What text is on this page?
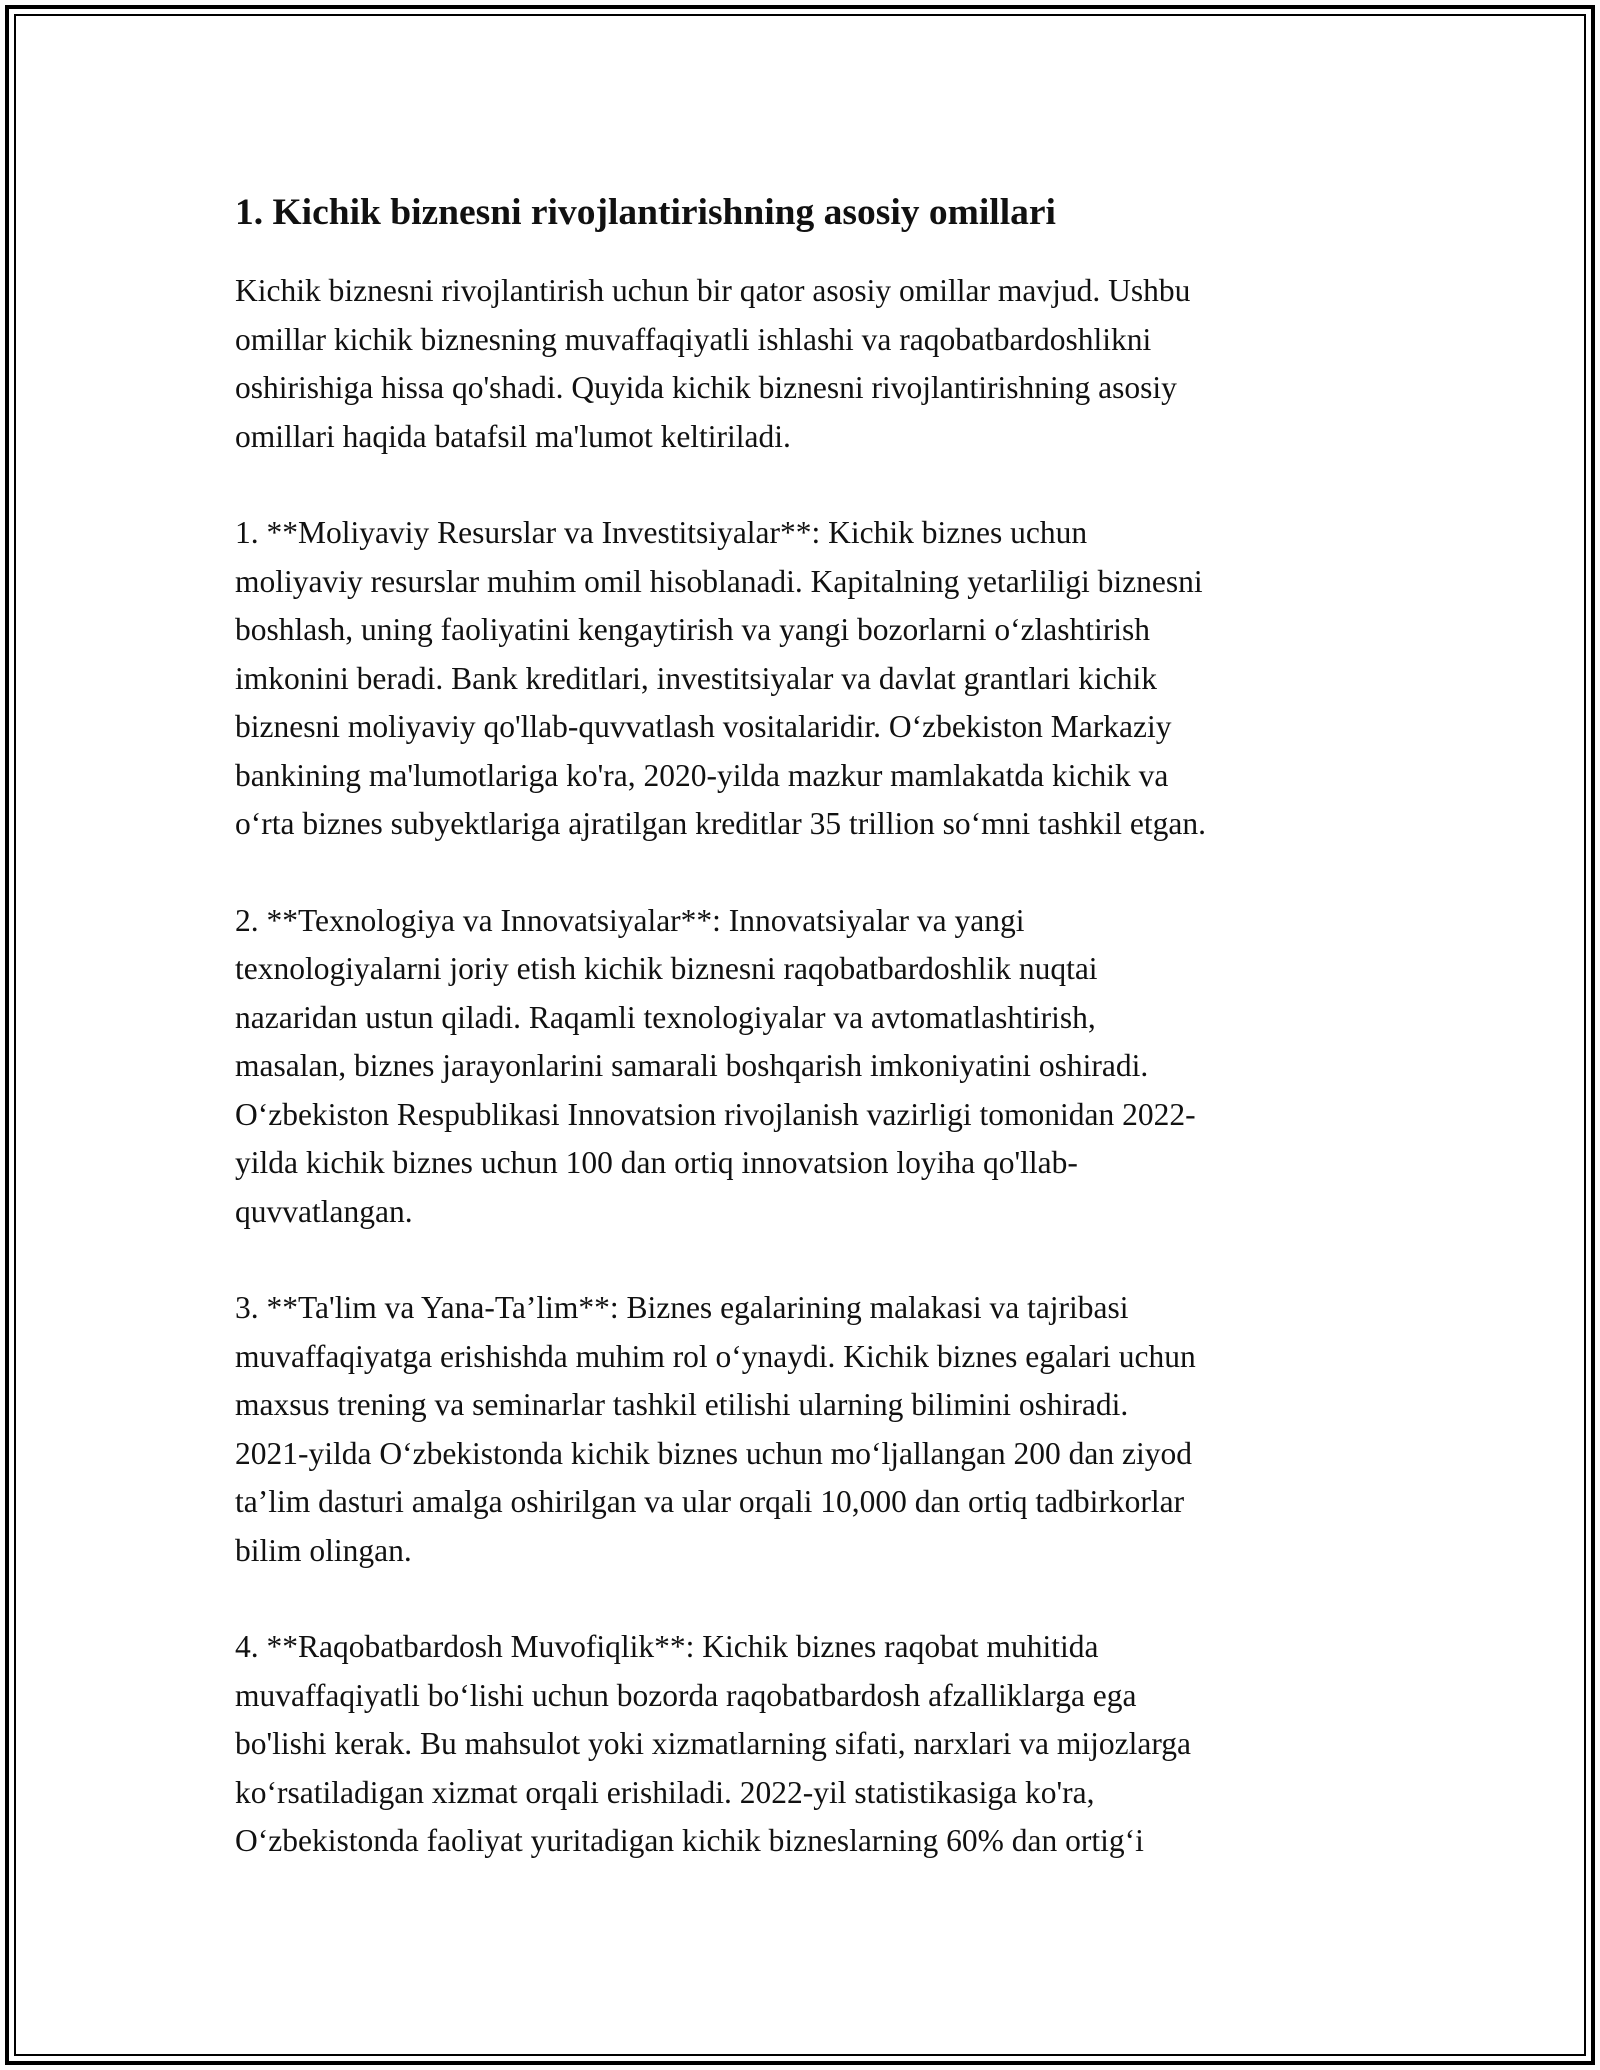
1. Kichik biznesni rivojlantirishning asosiy omillari

Kichik biznesni rivojlantirish uchun bir qator asosiy omillar mavjud. Ushbu
omillar kichik biznesning muvaffaqiyatli ishlashi va raqobatbardoshlikni
oshirishiga hissa qo'shadi. Quyida kichik biznesni rivojlantirishning asosiy
omillari haqida batafsil ma'lumot keltiriladi.

1. **Moliyaviy Resurslar va Investitsiyalar**: Kichik biznes uchun
moliyaviy resurslar muhim omil hisoblanadi. Kapitalning yetarliligi biznesni
boshlash, uning faoliyatini kengaytirish va yangi bozorlarni o‘zlashtirish
imkonini beradi. Bank kreditlari, investitsiyalar va davlat grantlari kichik
biznesni moliyaviy qo'llab-quvvatlash vositalaridir. O‘zbekiston Markaziy
bankining ma'lumotlariga ko'ra, 2020-yilda mazkur mamlakatda kichik va
o‘rta biznes subyektlariga ajratilgan kreditlar 35 trillion so‘mni tashkil etgan.

2. **Texnologiya va Innovatsiyalar**: Innovatsiyalar va yangi
texnologiyalarni joriy etish kichik biznesni raqobatbardoshlik nuqtai
nazaridan ustun qiladi. Raqamli texnologiyalar va avtomatlashtirish,
masalan, biznes jarayonlarini samarali boshqarish imkoniyatini oshiradi.
O‘zbekiston Respublikasi Innovatsion rivojlanish vazirligi tomonidan 2022-
yilda kichik biznes uchun 100 dan ortiq innovatsion loyiha qo'llab-
quvvatlangan.

3. **Ta'lim va Yana-Ta’lim**: Biznes egalarining malakasi va tajribasi
muvaffaqiyatga erishishda muhim rol o‘ynaydi. Kichik biznes egalari uchun
maxsus trening va seminarlar tashkil etilishi ularning bilimini oshiradi.
2021-yilda O‘zbekistonda kichik biznes uchun mo‘ljallangan 200 dan ziyod
ta’lim dasturi amalga oshirilgan va ular orqali 10,000 dan ortiq tadbirkorlar
bilim olingan.

4. **Raqobatbardosh Muvofiqlik**: Kichik biznes raqobat muhitida
muvaffaqiyatli bo‘lishi uchun bozorda raqobatbardosh afzalliklarga ega
bo'lishi kerak. Bu mahsulot yoki xizmatlarning sifati, narxlari va mijozlarga
ko‘rsatiladigan xizmat orqali erishiladi. 2022-yil statistikasiga ko'ra,
O‘zbekistonda faoliyat yuritadigan kichik bizneslarning 60% dan ortig‘i
